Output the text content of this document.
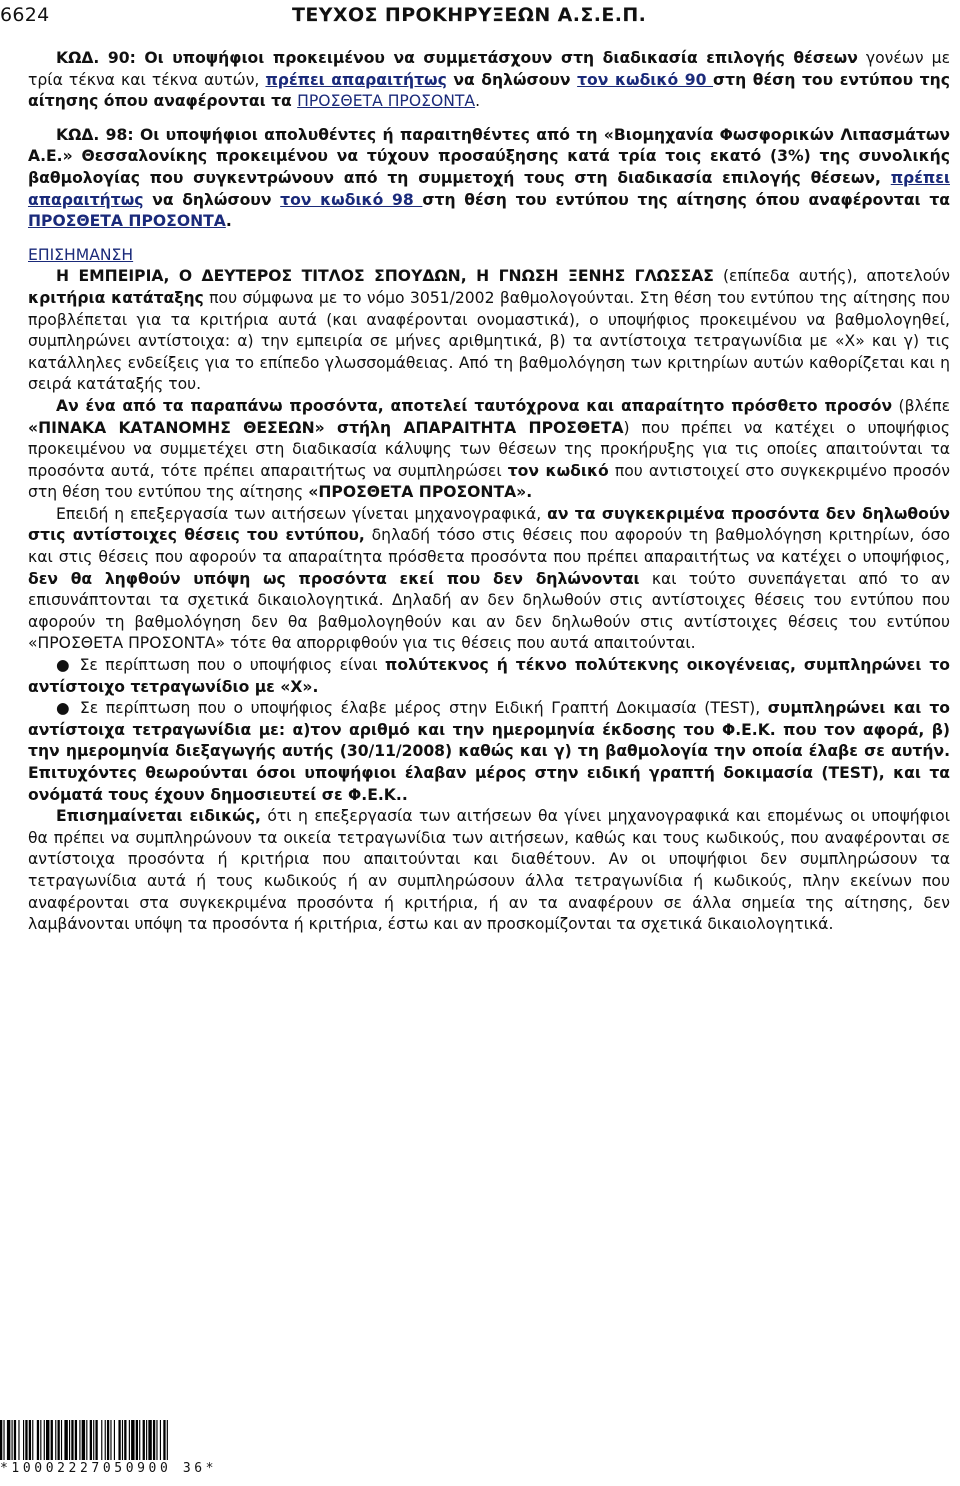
6624	ΤΕΥΧΟΣ ΠΡΟΚΗΡΥΞΕΩΝ Α.Σ.Ε.Π.

ΚΩΔ. 90: Οι υποψήφιοι προκειμένου να συμμετάσχουν στη διαδικασία επιλογής θέσεων γονέων με τρία τέκνα και τέκνα αυτών, πρέπει απαραιτήτως να δηλώσουν τον κωδικό 90 στη θέση του εντύπου της αίτησης όπου αναφέρονται τα ΠΡΟΣΘΕΤΑ ΠΡΟΣΟΝΤΑ.

ΚΩΔ. 98: Οι υποψήφιοι απολυθέντες ή παραιτηθέντες από τη «Βιομηχανία Φωσφορικών Λιπασμάτων Α.Ε.» Θεσσαλονίκης προκειμένου να τύχουν προσαύξησης κατά τρία τοις εκατό (3%) της συνολικής βαθμολογίας που συγκεντρώνουν από τη συμμετοχή τους στη διαδικασία επιλογής θέσεων, πρέπει απαραιτήτως να δηλώσουν τον κωδικό 98 στη θέση του εντύπου της αίτησης όπου αναφέρονται τα ΠΡΟΣΘΕΤΑ ΠΡΟΣΟΝΤΑ.

ΕΠΙΣΗΜΑΝΣΗ

Η ΕΜΠΕΙΡΙΑ, Ο ΔΕΥΤΕΡΟΣ ΤΙΤΛΟΣ ΣΠΟΥΔΩΝ, Η ΓΝΩΣΗ ΞΕΝΗΣ ΓΛΩΣΣΑΣ (επίπεδα αυτής), αποτελούν κριτήρια κατάταξης που σύμφωνα με το νόμο 3051/2002 βαθμολογούνται. Στη θέση του εντύπου της αίτησης που προβλέπεται για τα κριτήρια αυτά (και αναφέρονται ονομαστικά), ο υποψήφιος προκειμένου να βαθμολογηθεί, συμπληρώνει αντίστοιχα: α) την εμπειρία σε μήνες αριθμητικά, β) τα αντίστοιχα τετραγωνίδια με «Χ» και γ) τις κατάλληλες ενδείξεις για το επίπεδο γλωσσομάθειας. Από τη βαθμολόγηση των κριτηρίων αυτών καθορίζεται και η σειρά κατάταξής του.

Αν ένα από τα παραπάνω προσόντα, αποτελεί ταυτόχρονα και απαραίτητο πρόσθετο προσόν (βλέπε «ΠΙΝΑΚΑ ΚΑΤΑΝΟΜΗΣ ΘΕΣΕΩΝ» στήλη ΑΠΑΡΑΙΤΗΤΑ ΠΡΟΣΘΕΤΑ) που πρέπει να κατέχει ο υποψήφιος προκειμένου να συμμετέχει στη διαδικασία κάλυψης των θέσεων της προκήρυξης για τις οποίες απαιτούνται τα προσόντα αυτά, τότε πρέπει απαραιτήτως να συμπληρώσει τον κωδικό που αντιστοιχεί στο συγκεκριμένο προσόν στη θέση του εντύπου της αίτησης «ΠΡΟΣΘΕΤΑ ΠΡΟΣΟΝΤΑ».

Επειδή η επεξεργασία των αιτήσεων γίνεται μηχανογραφικά, αν τα συγκεκριμένα προσόντα δεν δηλωθούν στις αντίστοιχες θέσεις του εντύπου, δηλαδή τόσο στις θέσεις που αφορούν τη βαθμολόγηση κριτηρίων, όσο και στις θέσεις που αφορούν τα απαραίτητα πρόσθετα προσόντα που πρέπει απαραιτήτως να κατέχει ο υποψήφιος, δεν θα ληφθούν υπόψη ως προσόντα εκεί που δεν δηλώνονται και τούτο συνεπάγεται από το αν επισυνάπτονται τα σχετικά δικαιολογητικά. Δηλαδή αν δεν δηλωθούν στις αντίστοιχες θέσεις του εντύπου που αφορούν τη βαθμολόγηση δεν θα βαθμολογηθούν και αν δεν δηλωθούν στις αντίστοιχες θέσεις του εντύπου «ΠΡΟΣΘΕΤΑ ΠΡΟΣΟΝΤΑ» τότε θα απορριφθούν για τις θέσεις που αυτά απαιτούνται.

● Σε περίπτωση που ο υποψήφιος είναι πολύτεκνος ή τέκνο πολύτεκνης οικογένειας, συμπληρώνει το αντίστοιχο τετραγωνίδιο με «Χ».

● Σε περίπτωση που ο υποψήφιος έλαβε μέρος στην Ειδική Γραπτή Δοκιμασία (TEST), συμπληρώνει και το αντίστοιχα τετραγωνίδια με: α)τον αριθμό και την ημερομηνία έκδοσης του Φ.Ε.Κ. που τον αφορά, β) την ημερομηνία διεξαγωγής αυτής (30/11/2008) καθώς και γ) τη βαθμολογία την οποία έλαβε σε αυτήν. Επιτυχόντες θεωρούνται όσοι υποψήφιοι έλαβαν μέρος στην ειδική γραπτή δοκιμασία (TEST), και τα ονόματά τους έχουν δημοσιευτεί σε Φ.Ε.Κ..

Επισημαίνεται ειδικώς, ότι η επεξεργασία των αιτήσεων θα γίνει μηχανογραφικά και επομένως οι υποψήφιοι θα πρέπει να συμπληρώνουν τα οικεία τετραγωνίδια των αιτήσεων, καθώς και τους κωδικούς, που αναφέρονται σε αντίστοιχα προσόντα ή κριτήρια που απαιτούνται και διαθέτουν. Αν οι υποψήφιοι δεν συμπληρώσουν τα τετραγωνίδια αυτά ή τους κωδικούς ή αν συμπληρώσουν άλλα τετραγωνίδια ή κωδικούς, πλην εκείνων που αναφέρονται στα συγκεκριμένα προσόντα ή κριτήρια, ή αν τα αναφέρουν σε άλλα σημεία της αίτησης, δεν λαμβάνονται υπόψη τα προσόντα ή κριτήρια, έστω και αν προσκομίζονται τα σχετικά δικαιολογητικά.

*10002227050900 36*
